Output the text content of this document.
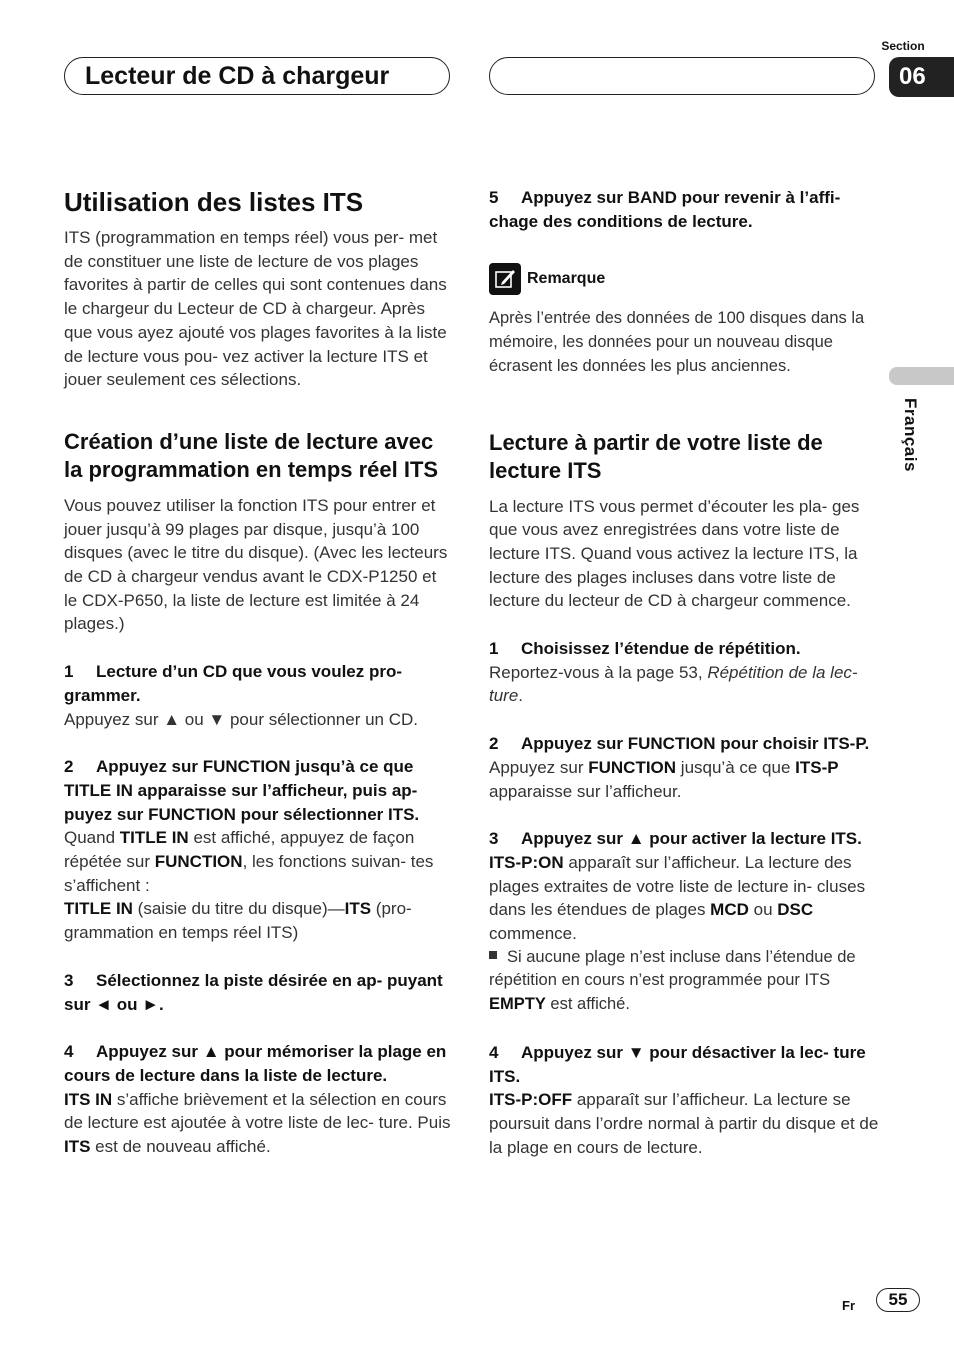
Lecteur de CD à chargeur
Section
06
Français
Utilisation des listes ITS

ITS (programmation en temps réel) vous per- met de constituer une liste de lecture de vos plages favorites à partir de celles qui sont contenues dans le chargeur du Lecteur de CD à chargeur. Après que vous ayez ajouté vos plages favorites à la liste de lecture vous pou- vez activer la lecture ITS et jouer seulement ces sélections.

Création d’une liste de lecture avec la programmation en temps réel ITS

Vous pouvez utiliser la fonction ITS pour entrer et jouer jusqu’à 99 plages par disque, jusqu’à 100 disques (avec le titre du disque). (Avec les lecteurs de CD à chargeur vendus avant le CDX-P1250 et le CDX-P650, la liste de lecture est limitée à 24 plages.)

1 Lecture d’un CD que vous voulez pro- grammer.

Appuyez sur ▲ ou ▼ pour sélectionner un CD.

2 Appuyez sur FUNCTION jusqu’à ce que TITLE IN apparaisse sur l’afficheur, puis ap- puyez sur FUNCTION pour sélectionner ITS.

Quand TITLE IN est affiché, appuyez de façon répétée sur FUNCTION, les fonctions suivan- tes s’affichent :

TITLE IN (saisie du titre du disque)—ITS (pro- grammation en temps réel ITS)

3 Sélectionnez la piste désirée en ap- puyant sur ◄ ou ►.

4 Appuyez sur ▲ pour mémoriser la plage en cours de lecture dans la liste de lecture.

ITS IN s’affiche brièvement et la sélection en cours de lecture est ajoutée à votre liste de lec- ture. Puis ITS est de nouveau affiché.

5 Appuyez sur BAND pour revenir à l’affi- chage des conditions de lecture.

Remarque

Après l’entrée des données de 100 disques dans la mémoire, les données pour un nouveau disque écrasent les données les plus anciennes.

Lecture à partir de votre liste de lecture ITS

La lecture ITS vous permet d’écouter les pla- ges que vous avez enregistrées dans votre liste de lecture ITS. Quand vous activez la lecture ITS, la lecture des plages incluses dans votre liste de lecture du lecteur de CD à chargeur commence.

1 Choisissez l’étendue de répétition.

Reportez-vous à la page 53, Répétition de la lec- ture.

2 Appuyez sur FUNCTION pour choisir ITS-P.

Appuyez sur FUNCTION jusqu’à ce que ITS-P apparaisse sur l’afficheur.

3 Appuyez sur ▲ pour activer la lecture ITS.

ITS-P:ON apparaît sur l’afficheur. La lecture des plages extraites de votre liste de lecture in- cluses dans les étendues de plages MCD ou DSC commence.

Si aucune plage n’est incluse dans l’étendue de répétition en cours n’est programmée pour ITS EMPTY est affiché.

4 Appuyez sur ▼ pour désactiver la lec- ture ITS.

ITS-P:OFF apparaît sur l’afficheur. La lecture se poursuit dans l’ordre normal à partir du disque et de la plage en cours de lecture.

Fr	55
